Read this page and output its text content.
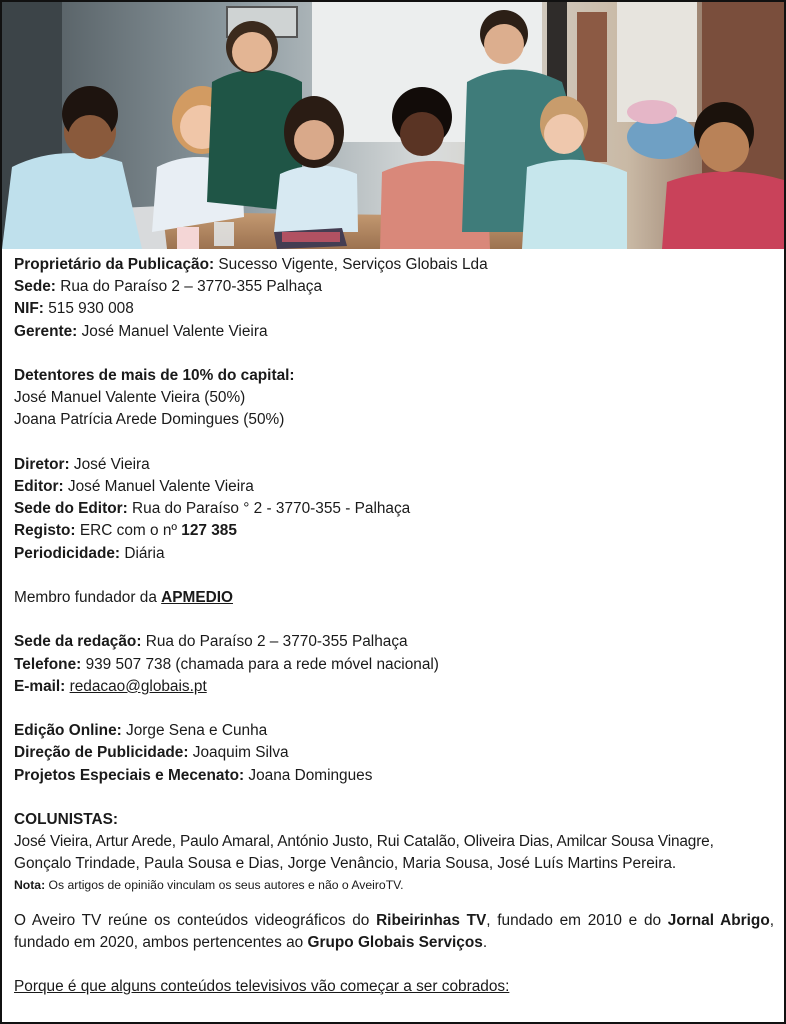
Proprietário da Publicação: Sucesso Vigente, Serviços Globais Lda
Sede: Rua do Paraíso 2 – 3770-355 Palhaça
NIF: 515 930 008
Gerente: José Manuel Valente Vieira
Detentores de mais de 10% do capital:
José Manuel Valente Vieira (50%)
Joana Patrícia Arede Domingues (50%)
Diretor: José Vieira
Editor: José Manuel Valente Vieira
Sede do Editor: Rua do Paraíso ° 2 - 3770-355 - Palhaça
Registo: ERC com o nº 127 385
Periodicidade: Diária
Membro fundador da APMEDIO
Sede da redação: Rua do Paraíso 2 – 3770-355 Palhaça
Telefone: 939 507 738 (chamada para a rede móvel nacional)
E-mail: redacao@globais.pt
Edição Online: Jorge Sena e Cunha
Direção de Publicidade: Joaquim Silva
Projetos Especiais e Mecenato: Joana Domingues
COLUNISTAS:
José Vieira, Artur Arede, Paulo Amaral, António Justo, Rui Catalão, Oliveira Dias, Amilcar Sousa Vinagre,
Gonçalo Trindade, Paula Sousa e Dias, Jorge Venâncio, Maria Sousa, José Luís Martins Pereira.
Nota: Os artigos de opinião vinculam os seus autores e não o AveiroTV.
O Aveiro TV reúne os conteúdos videográficos do Ribeirinhas TV, fundado em 2010 e do Jornal Abrigo, fundado em 2020, ambos pertencentes ao Grupo Globais Serviços.
Porque é que alguns conteúdos televisivos vão começar a ser cobrados:
